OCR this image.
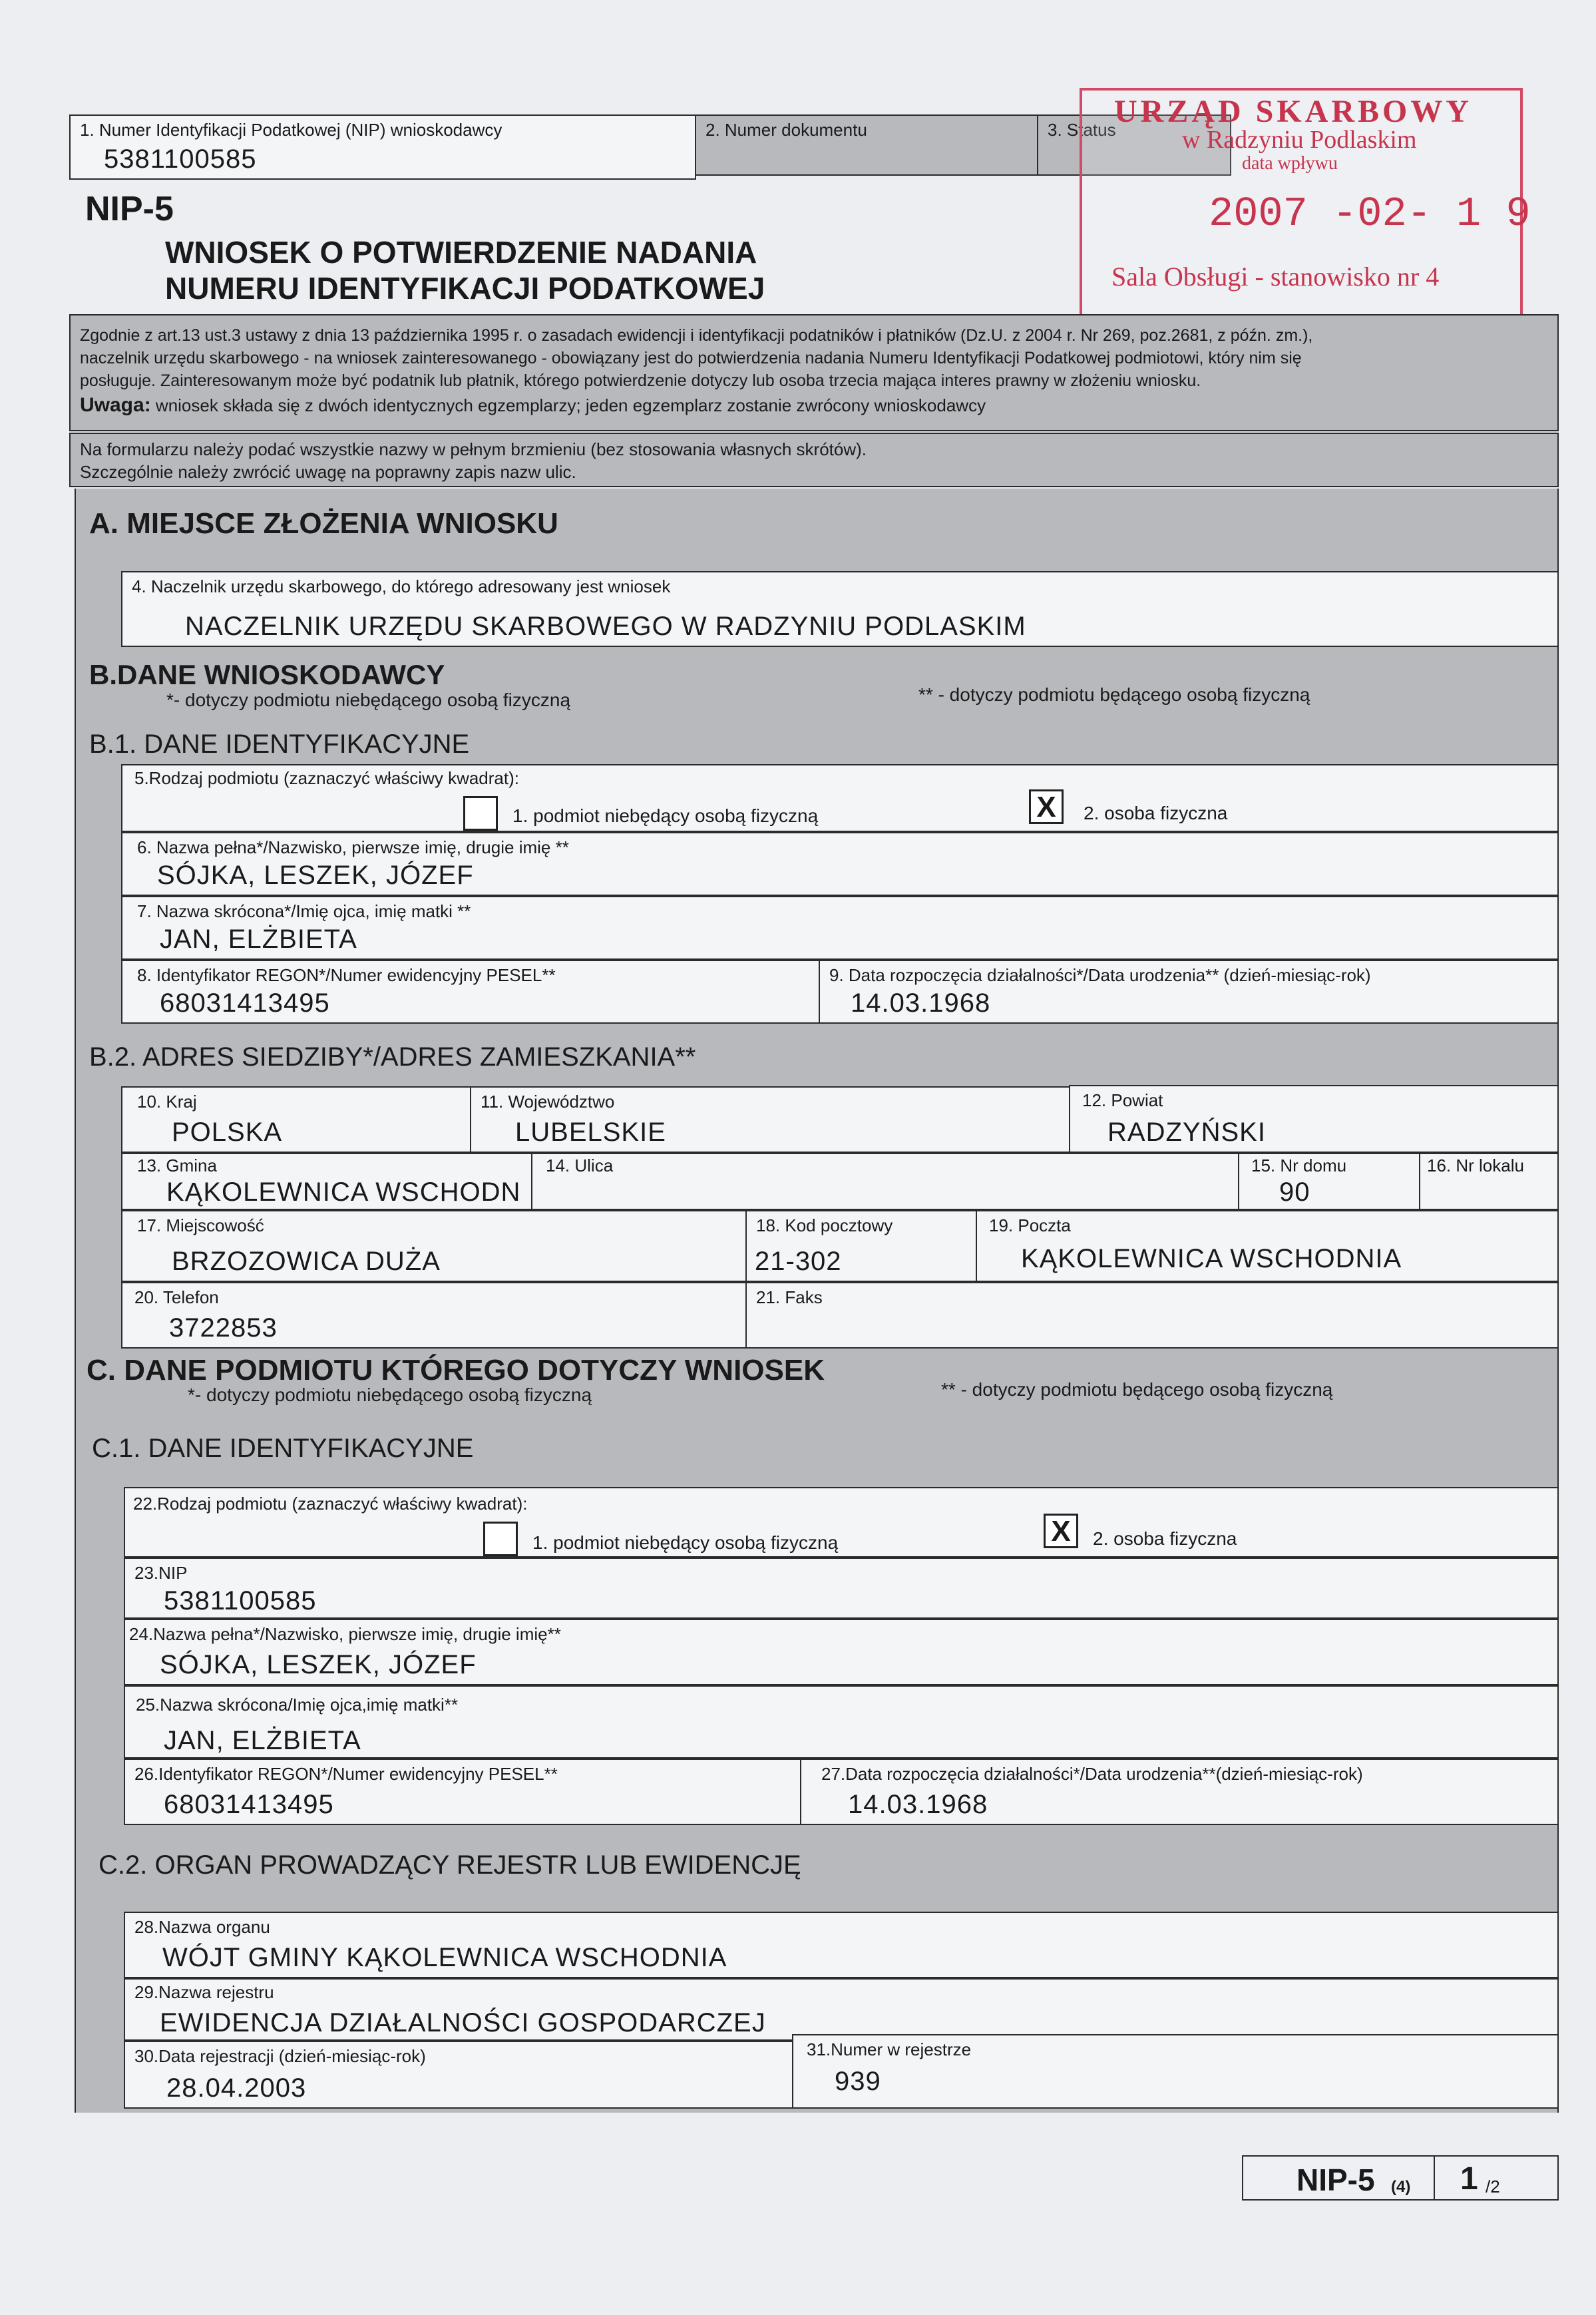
1. Numer Identyfikacji Podatkowej (NIP) wnioskodawcy
5381100585
2. Numer dokumentu	3. Status
NIP-5
WNIOSEK O POTWIERDZENIE NADANIA
NUMERU IDENTYFIKACJI PODATKOWEJ
URZĄD SKARBOWY
w Radzyniu Podlaskim
data wpływu
2007 -02- 1 9
Sala Obsługi - stanowisko nr 4
Zgodnie z art.13 ust.3 ustawy z dnia 13 października 1995 r. o zasadach ewidencji i identyfikacji podatników i płatników (Dz.U. z 2004 r. Nr 269, poz.2681, z późn. zm.),
naczelnik urzędu skarbowego - na wniosek zainteresowanego - obowiązany jest do potwierdzenia nadania Numeru Identyfikacji Podatkowej podmiotowi, który nim się
posługuje. Zainteresowanym może być podatnik lub płatnik, którego potwierdzenie dotyczy lub osoba trzecia mająca interes prawny w złożeniu wniosku.
Uwaga: wniosek składa się z dwóch identycznych egzemplarzy; jeden egzemplarz zostanie zwrócony wnioskodawcy
Na formularzu należy podać wszystkie nazwy w pełnym brzmieniu (bez stosowania własnych skrótów).
Szczególnie należy zwrócić uwagę na poprawny zapis nazw ulic.
A. MIEJSCE ZŁOŻENIA WNIOSKU
4. Naczelnik urzędu skarbowego, do którego adresowany jest wniosek
NACZELNIK URZĘDU SKARBOWEGO W RADZYNIU PODLASKIM
B.DANE WNIOSKODAWCY
*- dotyczy podmiotu niebędącego osobą fizyczną	** - dotyczy podmiotu będącego osobą fizyczną
B.1. DANE IDENTYFIKACYJNE
5.Rodzaj podmiotu (zaznaczyć właściwy kwadrat):
1. podmiot niebędący osobą fizyczną	X	2. osoba fizyczna
6. Nazwa pełna*/Nazwisko, pierwsze imię, drugie imię **
SÓJKA, LESZEK, JÓZEF
7. Nazwa skrócona*/Imię ojca, imię matki **
JAN, ELŻBIETA
8. Identyfikator REGON*/Numer ewidencyjny PESEL**
68031413495
9. Data rozpoczęcia działalności*/Data urodzenia** (dzień-miesiąc-rok)
14.03.1968
B.2. ADRES SIEDZIBY*/ADRES ZAMIESZKANIA**
10. Kraj
POLSKA
11. Województwo
LUBELSKIE
12. Powiat
RADZYŃSKI
13. Gmina
KĄKOLEWNICA WSCHODN
14. Ulica	15. Nr domu
90
16. Nr lokalu
17. Miejscowość
BRZOZOWICA DUŻA
18. Kod pocztowy
21-302
19. Poczta
KĄKOLEWNICA WSCHODNIA
20. Telefon
3722853
21. Faks
C. DANE PODMIOTU KTÓREGO DOTYCZY WNIOSEK
*- dotyczy podmiotu niebędącego osobą fizyczną	** - dotyczy podmiotu będącego osobą fizyczną
C.1. DANE IDENTYFIKACYJNE
22.Rodzaj podmiotu (zaznaczyć właściwy kwadrat):
1. podmiot niebędący osobą fizyczną	X	2. osoba fizyczna
23.NIP
5381100585
24.Nazwa pełna*/Nazwisko, pierwsze imię, drugie imię**
SÓJKA, LESZEK, JÓZEF
25.Nazwa skrócona/Imię ojca,imię matki**
JAN, ELŻBIETA
26.Identyfikator REGON*/Numer ewidencyjny PESEL**
68031413495
27.Data rozpoczęcia działalności*/Data urodzenia**(dzień-miesiąc-rok)
14.03.1968
C.2. ORGAN PROWADZĄCY REJESTR LUB EWIDENCJĘ
28.Nazwa organu
WÓJT GMINY KĄKOLEWNICA WSCHODNIA
29.Nazwa rejestru
EWIDENCJA DZIAŁALNOŚCI GOSPODARCZEJ
30.Data rejestracji (dzień-miesiąc-rok)
28.04.2003
31.Numer w rejestrze
939
NIP-5 (4) 1 /2
